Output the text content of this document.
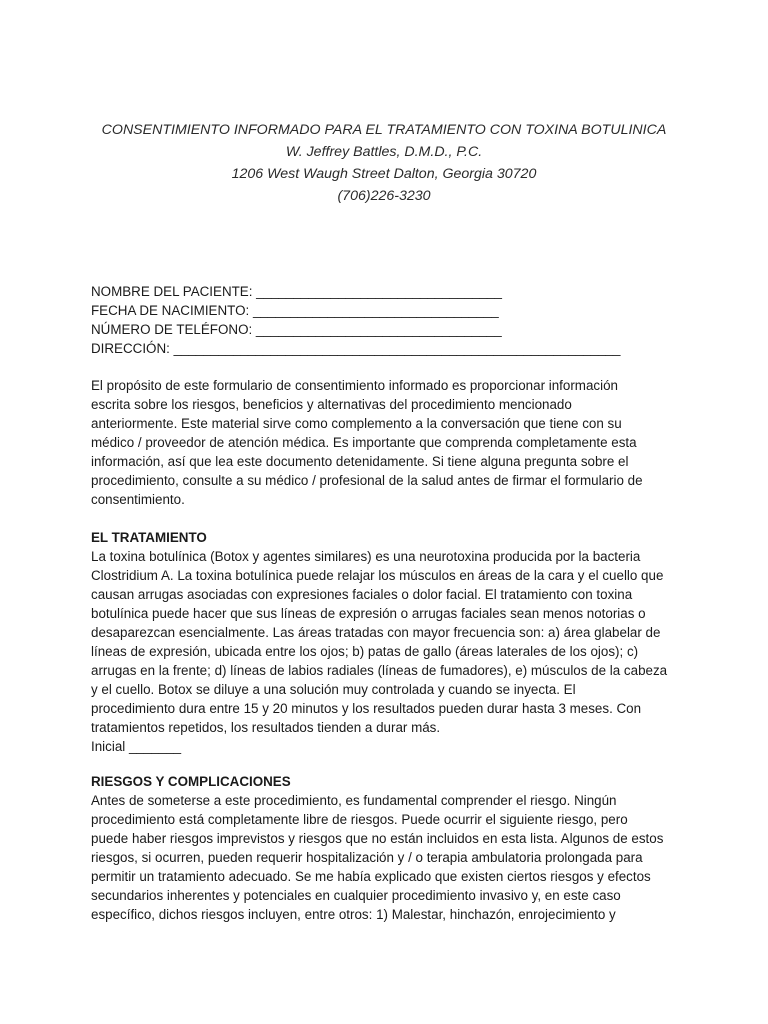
CONSENTIMIENTO INFORMADO PARA EL TRATAMIENTO CON TOXINA BOTULINICA
W. Jeffrey Battles, D.M.D., P.C.
1206 West Waugh Street Dalton, Georgia 30720
(706)226-3230
NOMBRE DEL PACIENTE: _________________________________
FECHA DE NACIMIENTO: _________________________________
NÚMERO DE TELÉFONO: _________________________________
DIRECCIÓN: ____________________________________________________________
El propósito de este formulario de consentimiento informado es proporcionar información
escrita sobre los riesgos, beneficios y alternativas del procedimiento mencionado
anteriormente. Este material sirve como complemento a la conversación que tiene con su
médico / proveedor de atención médica. Es importante que comprenda completamente esta
información, así que lea este documento detenidamente. Si tiene alguna pregunta sobre el
procedimiento, consulte a su médico / profesional de la salud antes de firmar el formulario de
consentimiento.
EL TRATAMIENTO
La toxina botulínica (Botox y agentes similares) es una neurotoxina producida por la bacteria
Clostridium A. La toxina botulínica puede relajar los músculos en áreas de la cara y el cuello que
causan arrugas asociadas con expresiones faciales o dolor facial. El tratamiento con toxina
botulínica puede hacer que sus líneas de expresión o arrugas faciales sean menos notorias o
desaparezcan esencialmente. Las áreas tratadas con mayor frecuencia son: a) área glabelar de
líneas de expresión, ubicada entre los ojos; b) patas de gallo (áreas laterales de los ojos); c)
arrugas en la frente; d) líneas de labios radiales (líneas de fumadores), e) músculos de la cabeza
y el cuello. Botox se diluye a una solución muy controlada y cuando se inyecta. El
procedimiento dura entre 15 y 20 minutos y los resultados pueden durar hasta 3 meses. Con
tratamientos repetidos, los resultados tienden a durar más.
Inicial _______
RIESGOS Y COMPLICACIONES
Antes de someterse a este procedimiento, es fundamental comprender el riesgo. Ningún
procedimiento está completamente libre de riesgos. Puede ocurrir el siguiente riesgo, pero
puede haber riesgos imprevistos y riesgos que no están incluidos en esta lista. Algunos de estos
riesgos, si ocurren, pueden requerir hospitalización y / o terapia ambulatoria prolongada para
permitir un tratamiento adecuado. Se me había explicado que existen ciertos riesgos y efectos
secundarios inherentes y potenciales en cualquier procedimiento invasivo y, en este caso
específico, dichos riesgos incluyen, entre otros: 1) Malestar, hinchazón, enrojecimiento y
